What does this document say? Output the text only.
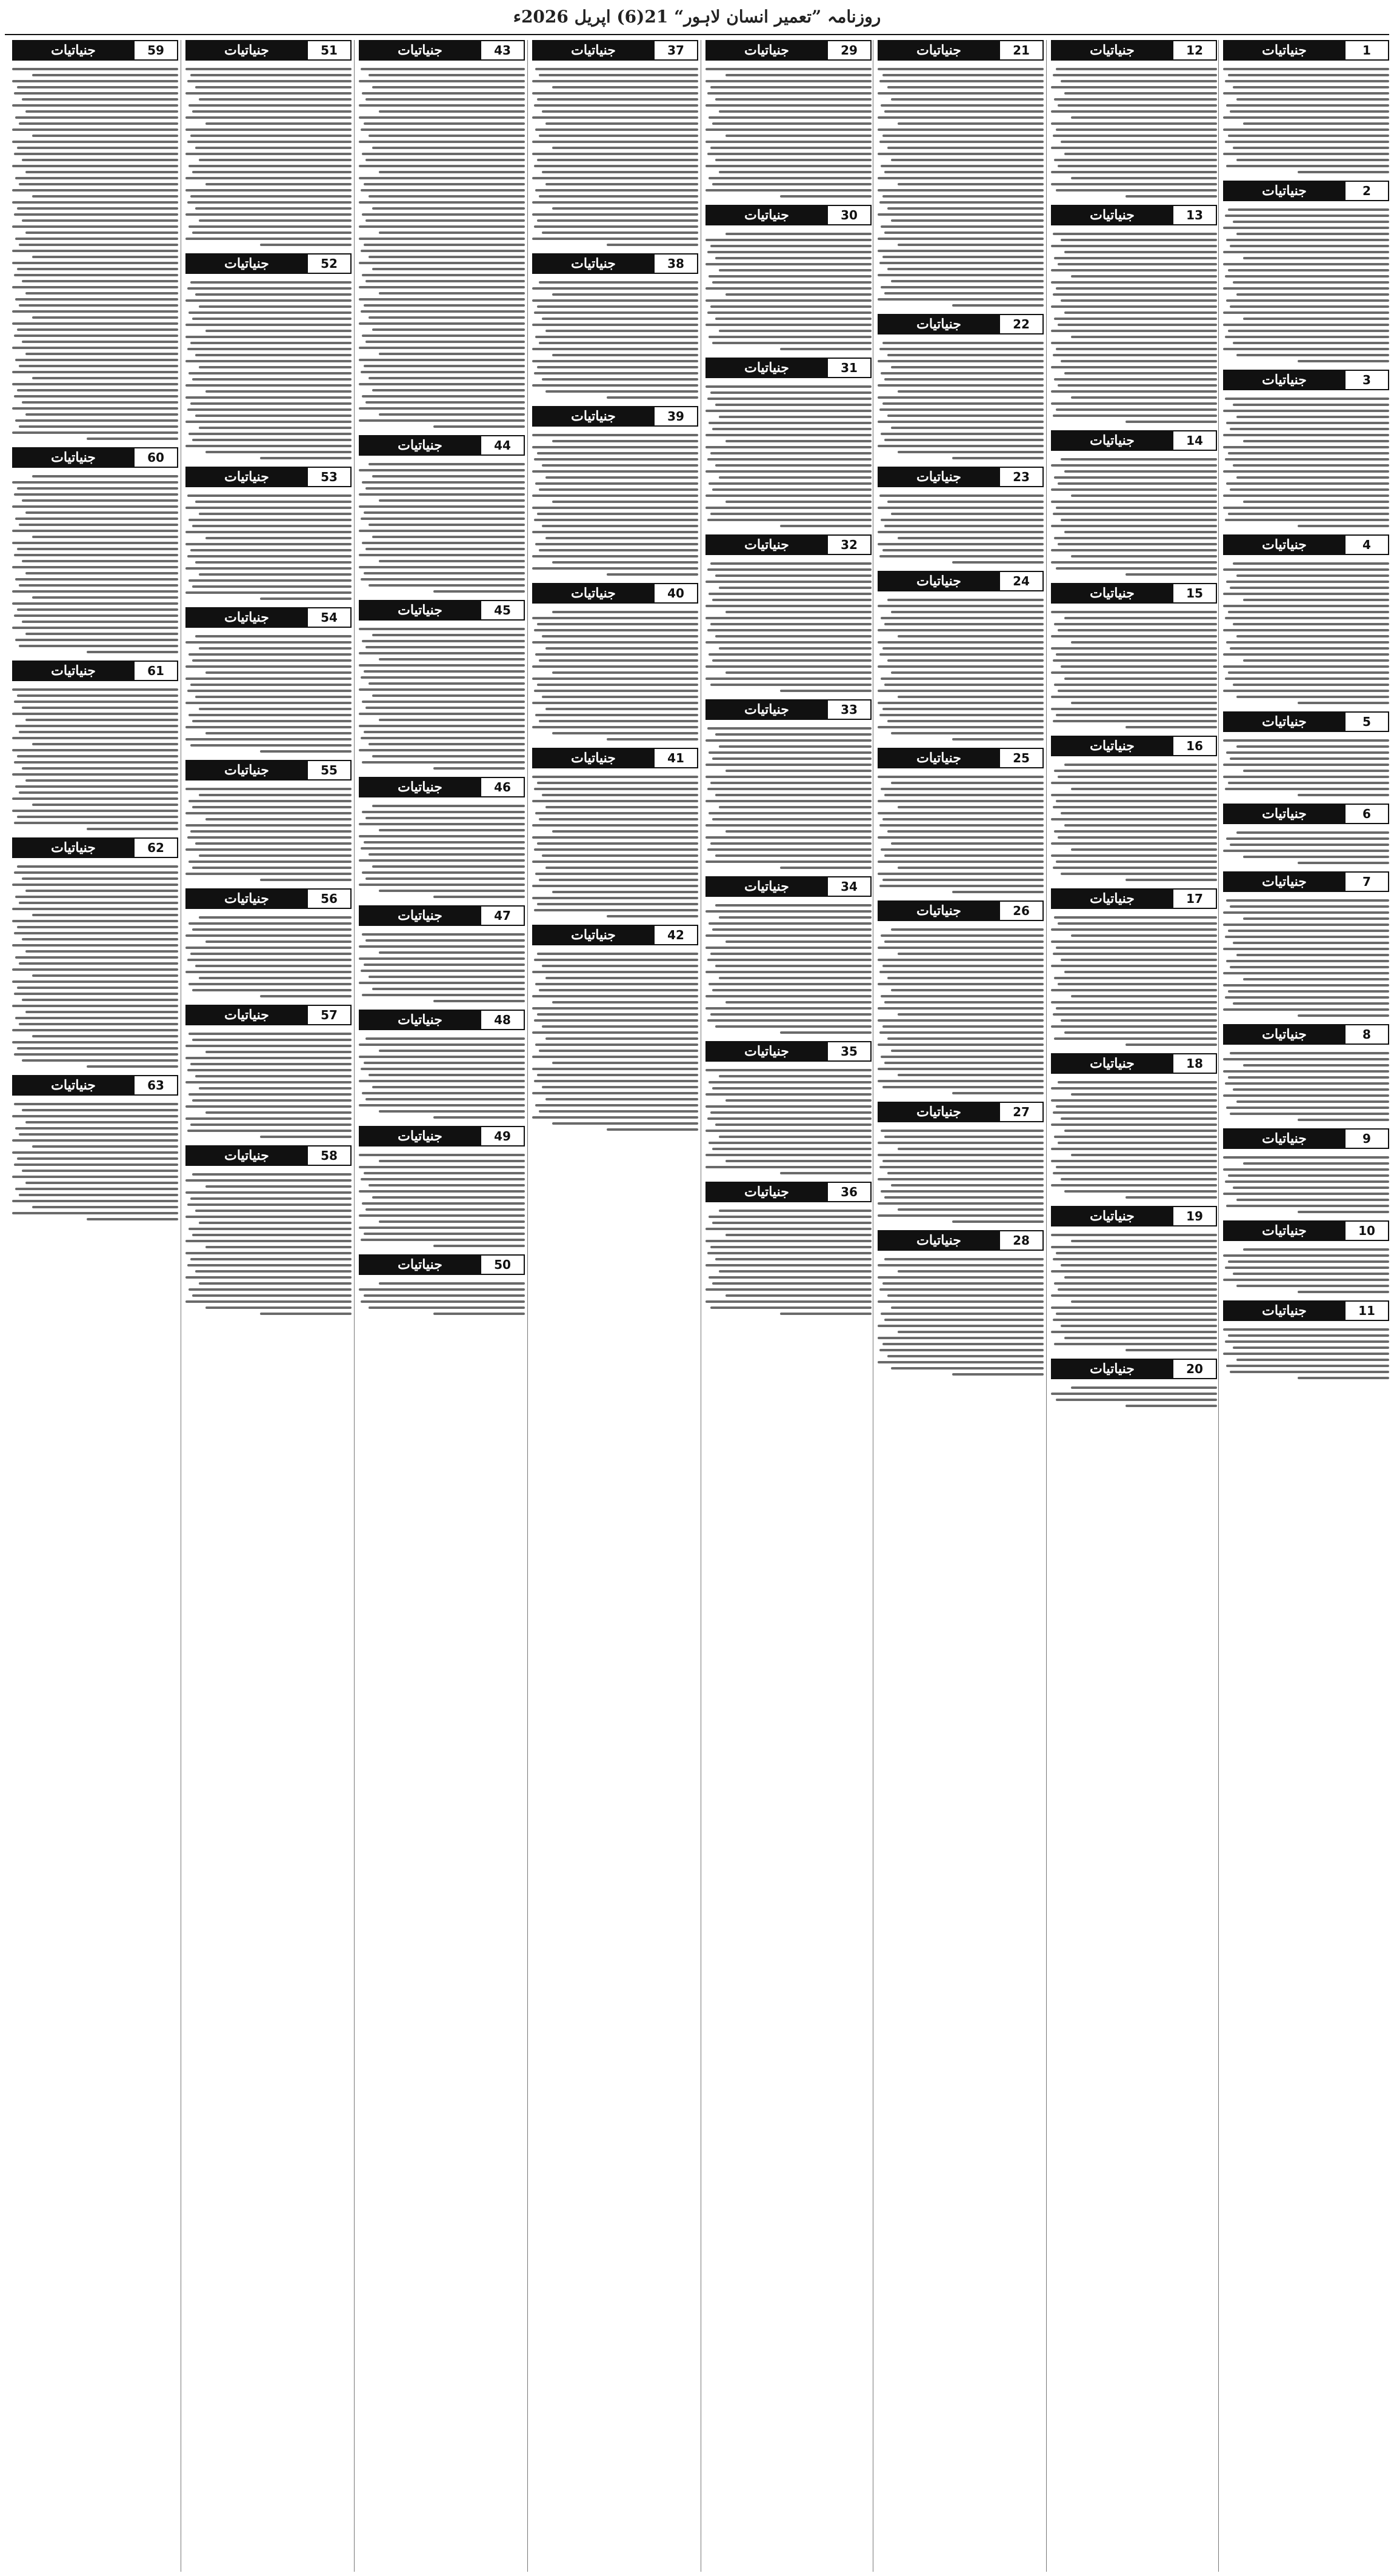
روزنامہ ”تعمیر انسان لاہور“ 21(6) اپریل 2026ء
جنیاتیات	1
جنیاتیات	2
جنیاتیات	3
جنیاتیات	4
جنیاتیات	5
جنیاتیات	6
جنیاتیات	7
جنیاتیات	8
جنیاتیات	9
جنیاتیات	10
جنیاتیات	11
جنیاتیات	12
جنیاتیات	13
جنیاتیات	14
جنیاتیات	15
جنیاتیات	16
جنیاتیات	17
جنیاتیات	18
جنیاتیات	19
جنیاتیات	20
جنیاتیات	21
جنیاتیات	22
جنیاتیات	23
جنیاتیات	24
جنیاتیات	25
جنیاتیات	26
جنیاتیات	27
جنیاتیات	28
جنیاتیات	29
جنیاتیات	30
جنیاتیات	31
جنیاتیات	32
جنیاتیات	33
جنیاتیات	34
جنیاتیات	35
جنیاتیات	36
جنیاتیات	37
جنیاتیات	38
جنیاتیات	39
جنیاتیات	40
جنیاتیات	41
جنیاتیات	42
جنیاتیات	43
جنیاتیات	44
جنیاتیات	45
جنیاتیات	46
جنیاتیات	47
جنیاتیات	48
جنیاتیات	49
جنیاتیات	50
جنیاتیات	51
جنیاتیات	52
جنیاتیات	53
جنیاتیات	54
جنیاتیات	55
جنیاتیات	56
جنیاتیات	57
جنیاتیات	58
جنیاتیات	59
جنیاتیات	60
جنیاتیات	61
جنیاتیات	62
جنیاتیات	63
